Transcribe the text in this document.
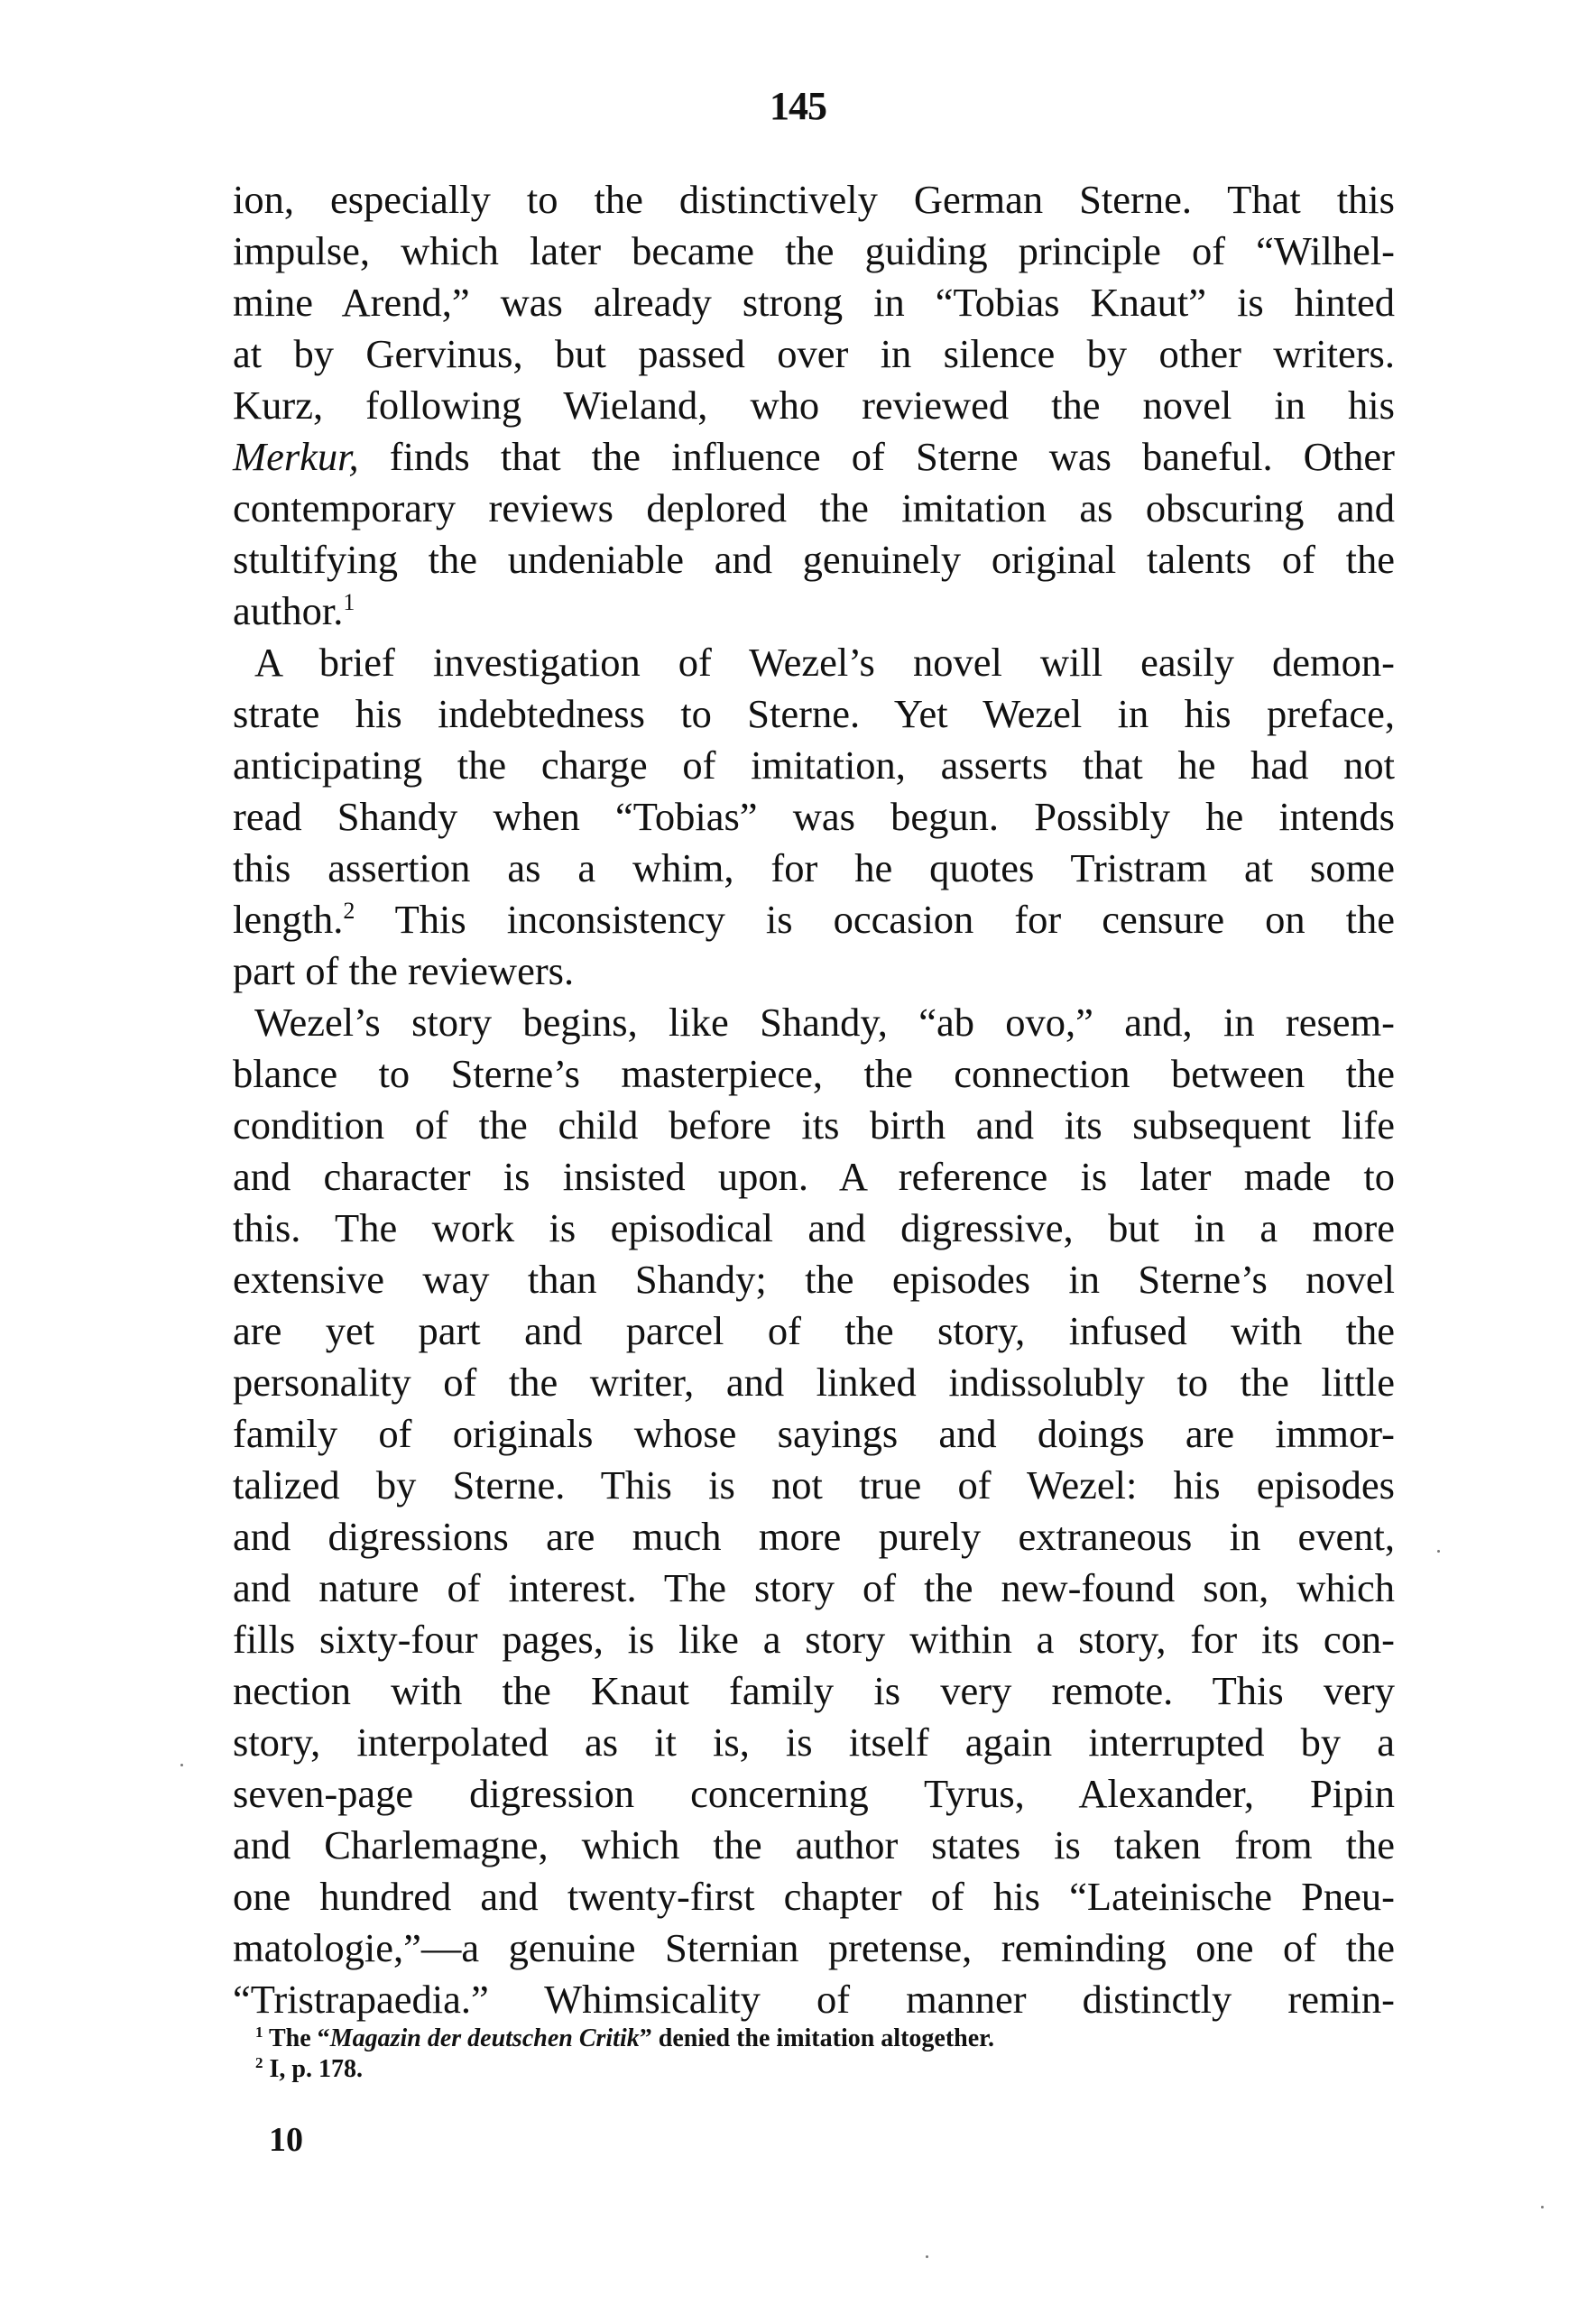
145
ion, especially to the distinctively German Sterne. That this
impulse, which later became the guiding principle of “Wilhel-
mine Arend,” was already strong in “Tobias Knaut” is hinted
at by Gervinus, but passed over in silence by other writers.
Kurz, following Wieland, who reviewed the novel in his
Merkur, finds that the influence of Sterne was baneful. Other
contemporary reviews deplored the imitation as obscuring and
stultifying the undeniable and genuinely original talents of the
author.$^1$
A brief investigation of Wezel’s novel will easily demon-
strate his indebtedness to Sterne. Yet Wezel in his preface,
anticipating the charge of imitation, asserts that he had not
read Shandy when “Tobias” was begun. Possibly he intends
this assertion as a whim, for he quotes Tristram at some
length.$^2$ This inconsistency is occasion for censure on the
part of the reviewers.
Wezel’s story begins, like Shandy, “ab ovo,” and, in resem-
blance to Sterne’s masterpiece, the connection between the
condition of the child before its birth and its subsequent life
and character is insisted upon. A reference is later made to
this. The work is episodical and digressive, but in a more
extensive way than Shandy; the episodes in Sterne’s novel
are yet part and parcel of the story, infused with the
personality of the writer, and linked indissolubly to the little
family of originals whose sayings and doings are immor-
talized by Sterne. This is not true of Wezel: his episodes
and digressions are much more purely extraneous in event,
and nature of interest. The story of the new-found son, which
fills sixty-four pages, is like a story within a story, for its con-
nection with the Knaut family is very remote. This very
story, interpolated as it is, is itself again interrupted by a
seven-page digression concerning Tyrus, Alexander, Pipin
and Charlemagne, which the author states is taken from the
one hundred and twenty-first chapter of his “Lateinische Pneu-
matologie,”—a genuine Sternian pretense, reminding one of the
“Tristrapaedia.” Whimsicality of manner distinctly remin-
$^1$ The “Magazin der deutschen Critik” denied the imitation altogether.
$^2$ I, p. 178.
10
